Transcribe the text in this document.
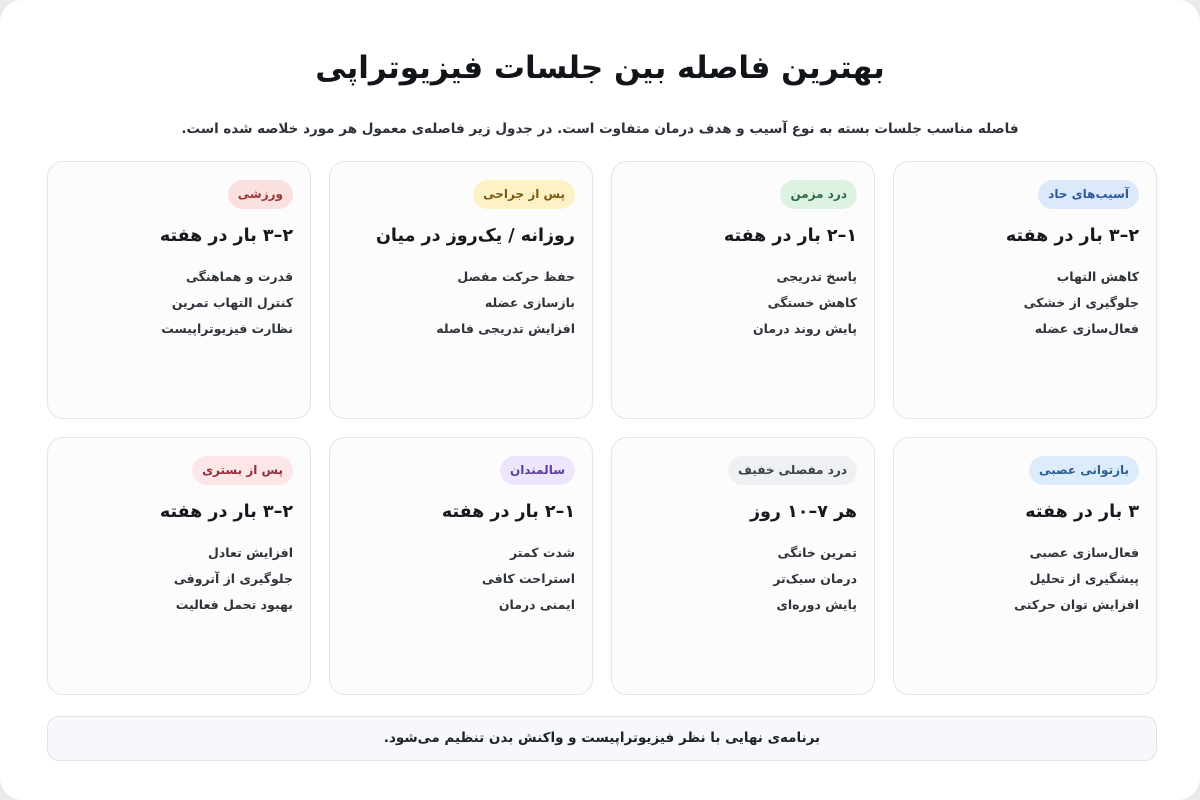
بهترین فاصله بین جلسات فیزیوتراپی

فاصله مناسب جلسات بسته به نوع آسیب و هدف درمان متفاوت است. در جدول زیر فاصله‌ی معمول هر مورد خلاصه شده است.

آسیب‌های حاد
۲–۳ بار در هفته
کاهش التهاب
جلوگیری از خشکی
فعال‌سازی عضله
درد مزمن
۱–۲ بار در هفته
پاسخ تدریجی
کاهش خستگی
پایش روند درمان
پس از جراحی
روزانه / یک‌روز در میان
حفظ حرکت مفصل
بازسازی عضله
افزایش تدریجی فاصله
ورزشی
۲–۳ بار در هفته
قدرت و هماهنگی
کنترل التهاب تمرین
نظارت فیزیوتراپیست
بازتوانی عصبی
۳ بار در هفته
فعال‌سازی عصبی
پیشگیری از تحلیل
افزایش توان حرکتی
درد مفصلی خفیف
هر ۷–۱۰ روز
تمرین خانگی
درمان سبک‌تر
پایش دوره‌ای
سالمندان
۱–۲ بار در هفته
شدت کمتر
استراحت کافی
ایمنی درمان
پس از بستری
۲–۳ بار در هفته
افزایش تعادل
جلوگیری از آتروفی
بهبود تحمل فعالیت
برنامه‌ی نهایی با نظر فیزیوتراپیست و واکنش بدن تنظیم می‌شود.
